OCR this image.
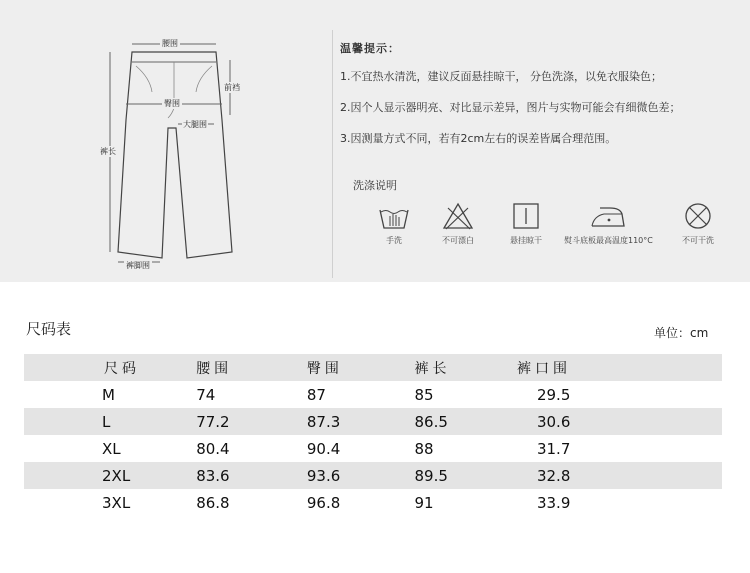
腰围
前裆
臀围
大腿围
裤长
裤脚围
温馨提示：
1.不宜热水清洗，建议反面悬挂晾干， 分色洗涤，以免衣服染色；
2.因个人显示器明亮、对比显示差异，图片与实物可能会有细微色差；
3.因测量方式不同，若有2cm左右的误差皆属合理范围。
洗涤说明
手洗	不可漂白	悬挂晾干	熨斗底板最高温度110°C	不可干洗
尺码表	单位：cm
尺码	腰围	臀围	裤长	裤口围
M	74	87	85	29.5
L	77.2	87.3	86.5	30.6
XL	80.4	90.4	88	31.7
2XL	83.6	93.6	89.5	32.8
3XL	86.8	96.8	91	33.9
